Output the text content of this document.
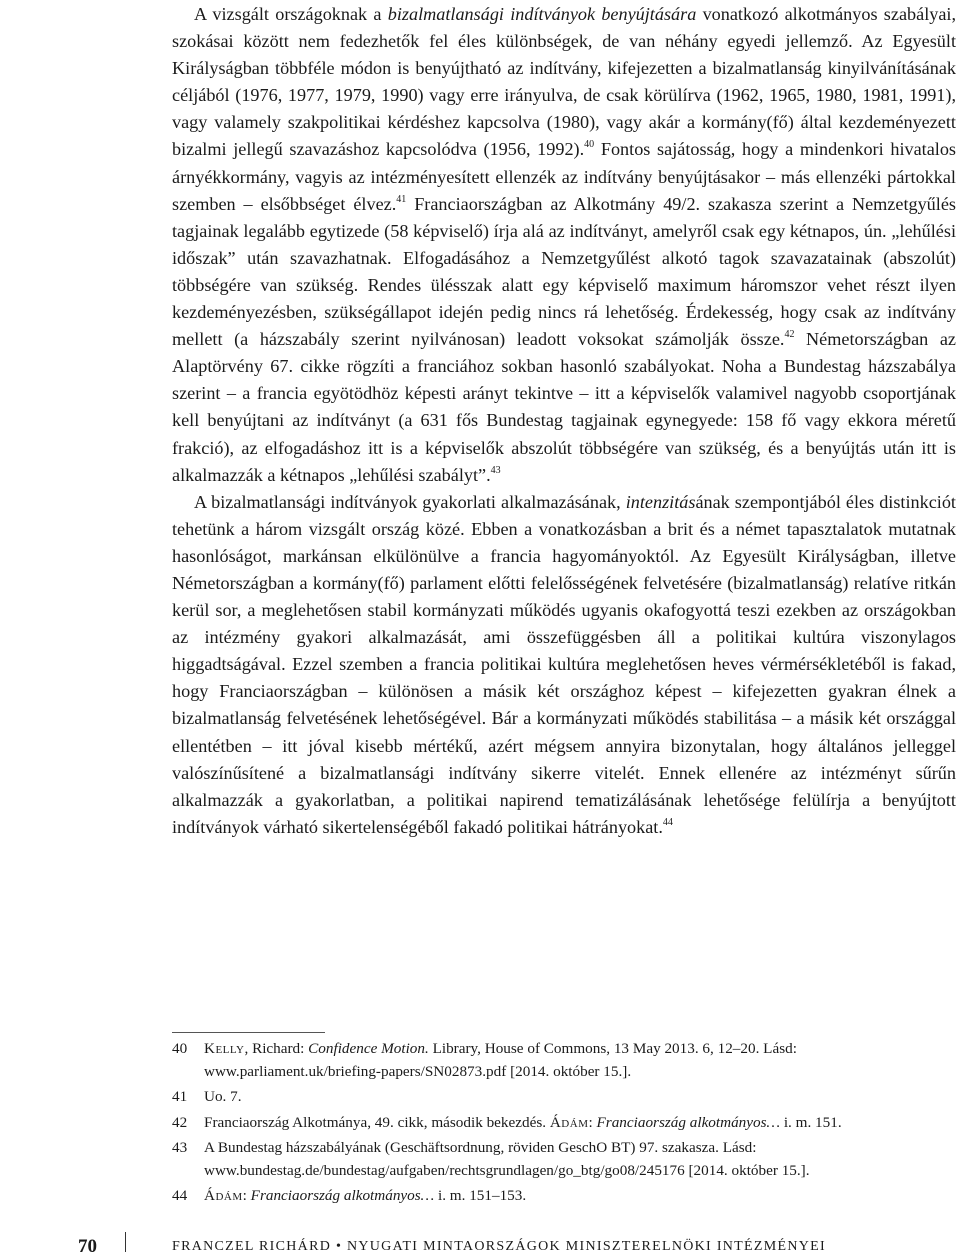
A vizsgált országoknak a bizalmatlansági indítványok benyújtására vonatkozó alkotmányos szabályai, szokásai között nem fedezhetők fel éles különbségek, de van néhány egyedi jellemző. Az Egyesült Királyságban többféle módon is benyújtható az indítvány, kifejezetten a bizalmatlanság kinyilvánításának céljából (1976, 1977, 1979, 1990) vagy erre irányulva, de csak körülírva (1962, 1965, 1980, 1981, 1991), vagy valamely szakpolitikai kérdéshez kapcsolva (1980), vagy akár a kormány(fő) által kezdeményezett bizalmi jellegű szavazáshoz kapcsolódva (1956, 1992).$^{40}$ Fontos sajátosság, hogy a mindenkori hivatalos árnyékkormány, vagyis az intézményesített ellenzék az indítvány benyújtásakor – más ellenzéki pártokkal szemben – elsőbbséget élvez.$^{41}$ Franciaországban az Alkotmány 49/2. szakasza szerint a Nemzetgyűlés tagjainak legalább egytizede (58 képviselő) írja alá az indítványt, amelyről csak egy kétnapos, ún. „lehűlési időszak” után szavazhatnak. Elfogadásához a Nemzetgyűlést alkotó tagok szavazatainak (abszolút) többségére van szükség. Rendes ülésszak alatt egy képviselő maximum háromszor vehet részt ilyen kezdeményezésben, szükségállapot idején pedig nincs rá lehetőség. Érdekesség, hogy csak az indítvány mellett (a házszabály szerint nyilvánosan) leadott voksokat számolják össze.$^{42}$ Németországban az Alaptörvény 67. cikke rögzíti a franciához sokban hasonló szabályokat. Noha a Bundestag házszabálya szerint – a francia egyötödhöz képesti arányt tekintve – itt a képviselők valamivel nagyobb csoportjának kell benyújtani az indítványt (a 631 fős Bundestag tagjainak egynegyede: 158 fő vagy ekkora méretű frakció), az elfogadáshoz itt is a képviselők abszolút többségére van szükség, és a benyújtás után itt is alkalmazzák a kétnapos „lehűlési szabályt”.$^{43}$

A bizalmatlansági indítványok gyakorlati alkalmazásának, intenzitásának szempontjából éles distinkciót tehetünk a három vizsgált ország közé. Ebben a vonatkozásban a brit és a német tapasztalatok mutatnak hasonlóságot, markánsan elkülönülve a francia hagyományoktól. Az Egyesült Királyságban, illetve Németországban a kormány(fő) parlament előtti felelősségének felvetésére (bizalmatlanság) relatíve ritkán kerül sor, a meglehetősen stabil kormányzati működés ugyanis okafogyottá teszi ezekben az országokban az intézmény gyakori alkalmazását, ami összefüggésben áll a politikai kultúra viszonylagos higgadtságával. Ezzel szemben a francia politikai kultúra meglehetősen heves vérmérsékletéből is fakad, hogy Franciaországban – különösen a másik két országhoz képest – kifejezetten gyakran élnek a bizalmatlanság felvetésének lehetőségével. Bár a kormányzati működés stabilitása – a másik két országgal ellentétben – itt jóval kisebb mértékű, azért mégsem annyira bizonytalan, hogy általános jelleggel valószínűsítené a bizalmatlansági indítvány sikerre vitelét. Ennek ellenére az intézményt sűrűn alkalmazzák a gyakorlatban, a politikai napirend tematizálásának lehetősége felülírja a benyújtott indítványok várható sikertelenségéből fakadó politikai hátrányokat.$^{44}$

40	Kelly, Richard: Confidence Motion. Library, House of Commons, 13 May 2013. 6, 12–20. Lásd: www.parliament.uk/briefing-papers/SN02873.pdf [2014. október 15.].
41	Uo. 7.
42	Franciaország Alkotmánya, 49. cikk, második bekezdés. Ádám: Franciaország alkotmányos… i. m. 151.
43	A Bundestag házszabályának (Geschäftsordnung, röviden GeschO BT) 97. szakasza. Lásd: www.bundestag.de/bundestag/aufgaben/rechtsgrundlagen/go_btg/go08/245176 [2014. október 15.].
44	Ádám: Franciaország alkotmányos… i. m. 151–153.
70	FRANCZEL RICHÁRD • NYUGATI MINTAORSZÁGOK MINISZTERELNÖKI INTÉZMÉNYEI
